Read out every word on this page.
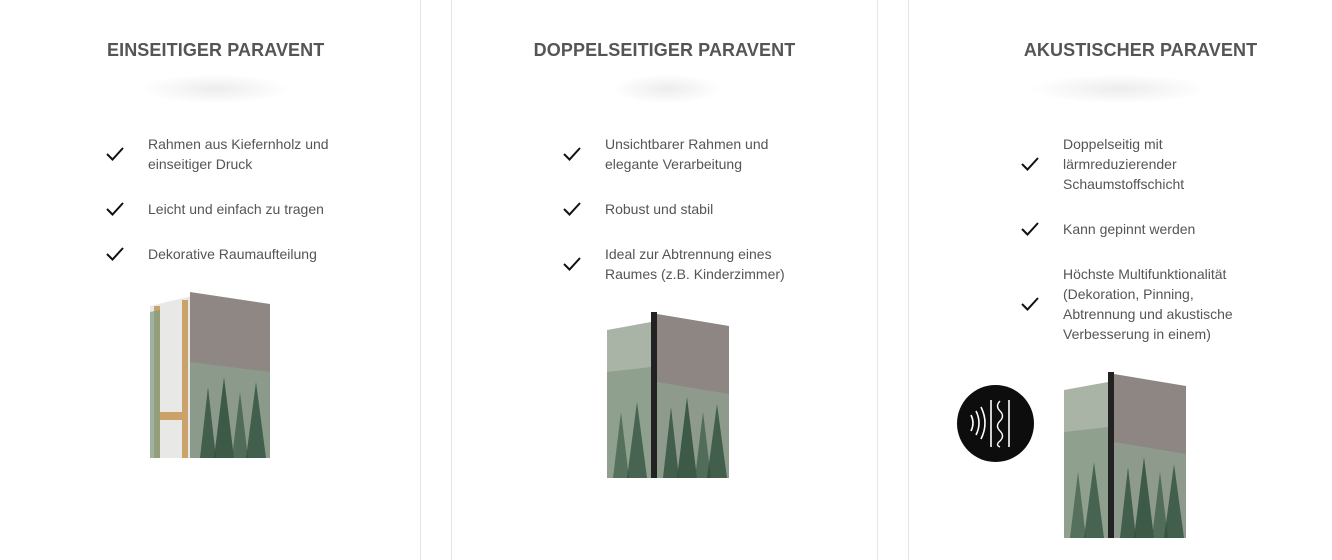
EINSEITIGER PARAVENT
Rahmen aus Kiefernholz und einseitiger Druck
Leicht und einfach zu tragen
Dekorative Raumaufteilung
DOPPELSEITIGER PARAVENT
Unsichtbarer Rahmen und elegante Verarbeitung
Robust und stabil
Ideal zur Abtrennung eines Raumes (z.B. Kinderzimmer)
AKUSTISCHER PARAVENT
Doppelseitig mit lärmreduzierender Schaumstoffschicht
Kann gepinnt werden
Höchste Multifunktionalität (Dekoration, Pinning, Abtrennung und akustische Verbesserung in einem)
